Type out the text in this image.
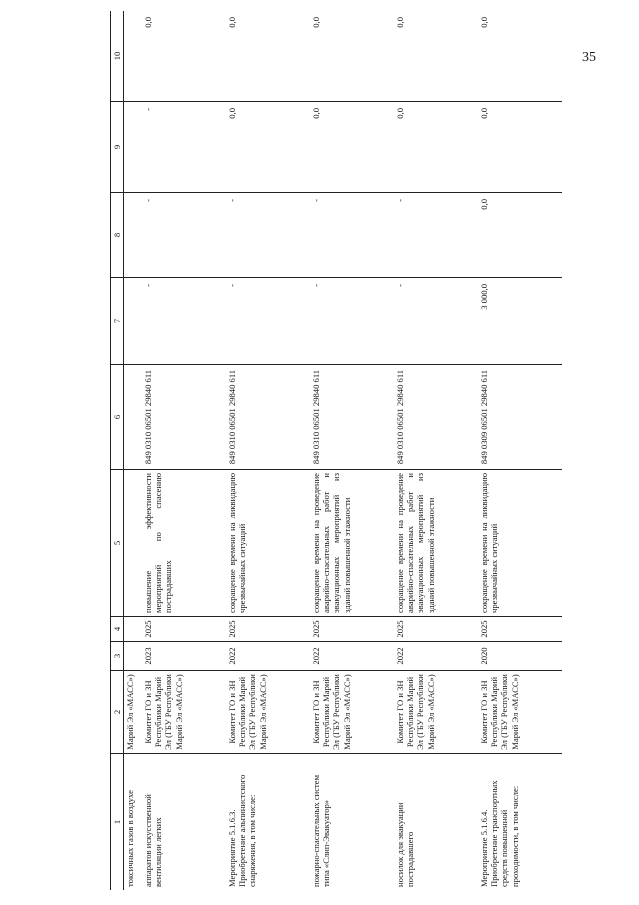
35
1	2	3	4	5	6	7	8	9	10
токсичных газов в воздухе	Марий Эл «МАСС»)								
аппаратов искусственной вентиляции легких	Комитет ГО и ЗН Республики Марий Эл (ГБУ Республики Марий Эл «МАСС»)	2023	2025	повышение эффективности мероприятий по спасению пострадавших	849 0310 06501 29840 611	-	-	-	0,0
Мероприятие 5.1.6.3. Приобретение альпинистского снаряжения, в том числе:	Комитет ГО и ЗН Республики Марий Эл (ГБУ Республики Марий Эл «МАСС»)	2022	2025	сокращение времени на ликвидацию чрезвычайных ситуаций	849 0310 06501 29840 611	-	-	0,0	0,0
пожарно-спасательных систем типа «Слип-Эвакуатор»	Комитет ГО и ЗН Республики Марий Эл (ГБУ Республики Марий Эл «МАСС»)	2022	2025	сокращение времени на проведение аварийно-спасательных работ и эвакуационных мероприятий из зданий повышенной этажности	849 0310 06501 29840 611	-	-	0,0	0,0
носилок для эвакуации пострадавшего	Комитет ГО и ЗН Республики Марий Эл (ГБУ Республики Марий Эл «МАСС»)	2022	2025	сокращение времени на проведение аварийно-спасательных работ и эвакуационных мероприятий из зданий повышенной этажности	849 0310 06501 29840 611	-	-	0,0	0,0
Мероприятие 5.1.6.4. Приобретение транспортных средств повышенной проходимости, в том числе:	Комитет ГО и ЗН Республики Марий Эл (ГБУ Республики Марий Эл «МАСС»)	2020	2025	сокращение времени на ликвидацию чрезвычайных ситуаций	849 0309 06501 29840 611	3 000,0	0,0	0,0	0,0
